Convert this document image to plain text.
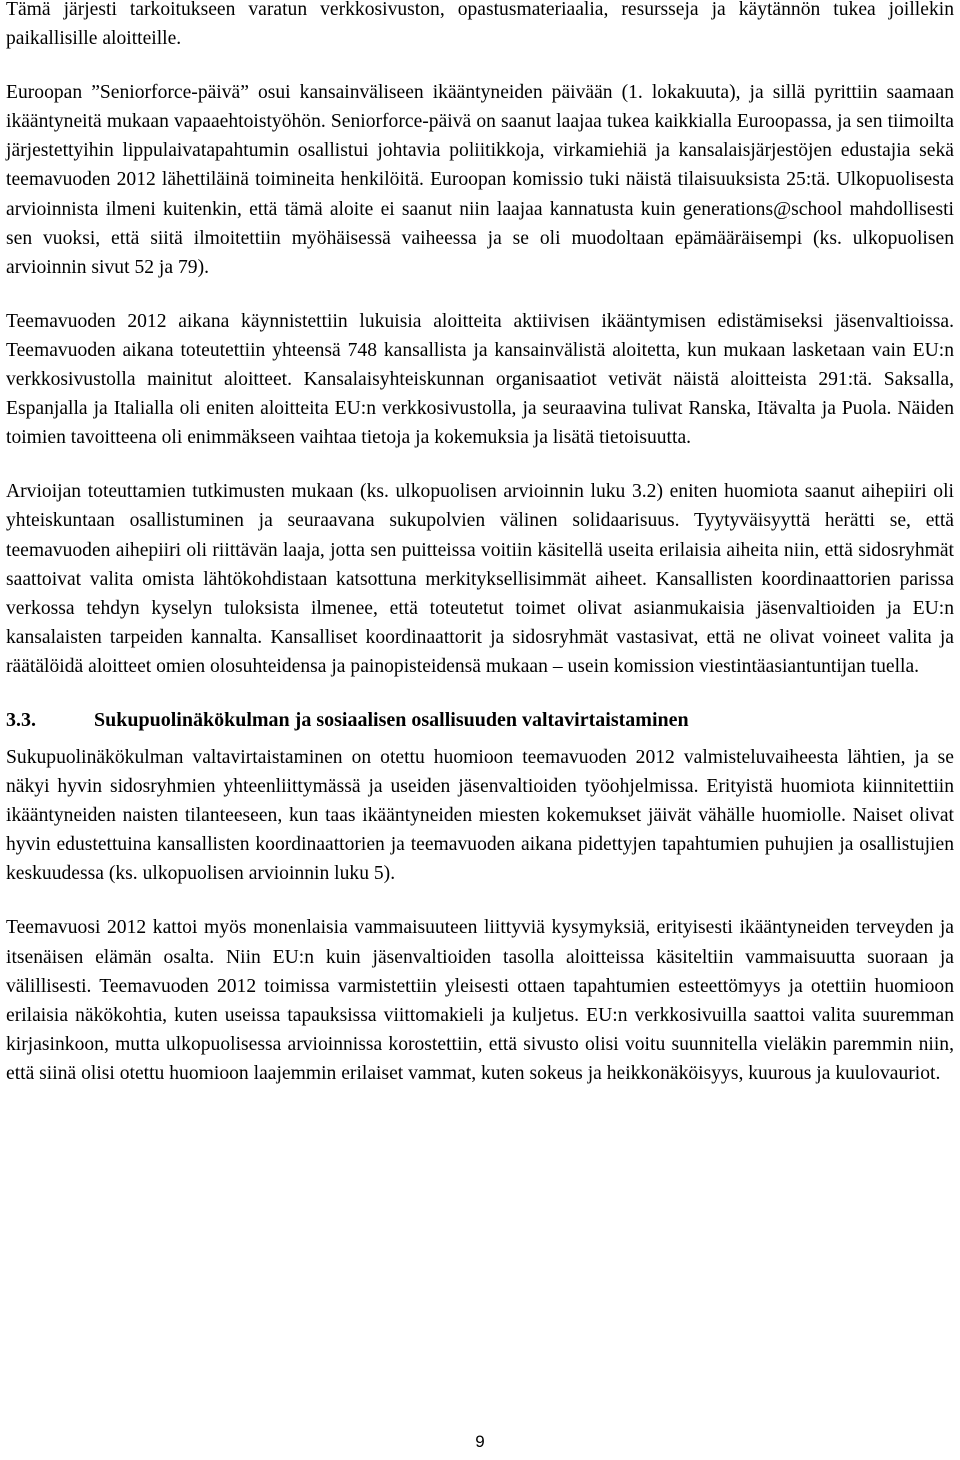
Tämä järjesti tarkoitukseen varatun verkkosivuston, opastusmateriaalia, resursseja ja käytännön tukea joillekin paikallisille aloitteille.

Euroopan ”Seniorforce-päivä” osui kansainväliseen ikääntyneiden päivään (1. lokakuuta), ja sillä pyrittiin saamaan ikääntyneitä mukaan vapaaehtoistyöhön. Seniorforce-päivä on saanut laajaa tukea kaikkialla Euroopassa, ja sen tiimoilta järjestettyihin lippulaivatapahtumin osallistui johtavia poliitikkoja, virkamiehiä ja kansalaisjärjestöjen edustajia sekä teemavuoden 2012 lähettiläinä toimineita henkilöitä. Euroopan komissio tuki näistä tilaisuuksista 25:tä. Ulkopuolisesta arvioinnista ilmeni kuitenkin, että tämä aloite ei saanut niin laajaa kannatusta kuin generations@school mahdollisesti sen vuoksi, että siitä ilmoitettiin myöhäisessä vaiheessa ja se oli muodoltaan epämääräisempi (ks. ulkopuolisen arvioinnin sivut 52 ja 79).

Teemavuoden 2012 aikana käynnistettiin lukuisia aloitteita aktiivisen ikääntymisen edistämiseksi jäsenvaltioissa. Teemavuoden aikana toteutettiin yhteensä 748 kansallista ja kansainvälistä aloitetta, kun mukaan lasketaan vain EU:n verkkosivustolla mainitut aloitteet. Kansalaisyhteiskunnan organisaatiot vetivät näistä aloitteista 291:tä. Saksalla, Espanjalla ja Italialla oli eniten aloitteita EU:n verkkosivustolla, ja seuraavina tulivat Ranska, Itävalta ja Puola. Näiden toimien tavoitteena oli enimmäkseen vaihtaa tietoja ja kokemuksia ja lisätä tietoisuutta.

Arvioijan toteuttamien tutkimusten mukaan (ks. ulkopuolisen arvioinnin luku 3.2) eniten huomiota saanut aihepiiri oli yhteiskuntaan osallistuminen ja seuraavana sukupolvien välinen solidaarisuus. Tyytyväisyyttä herätti se, että teemavuoden aihepiiri oli riittävän laaja, jotta sen puitteissa voitiin käsitellä useita erilaisia aiheita niin, että sidosryhmät saattoivat valita omista lähtökohdistaan katsottuna merkityksellisimmät aiheet. Kansallisten koordinaattorien parissa verkossa tehdyn kyselyn tuloksista ilmenee, että toteutetut toimet olivat asianmukaisia jäsenvaltioiden ja EU:n kansalaisten tarpeiden kannalta. Kansalliset koordinaattorit ja sidosryhmät vastasivat, että ne olivat voineet valita ja räätälöidä aloitteet omien olosuhteidensa ja painopisteidensä mukaan – usein komission viestintäasiantuntijan tuella.

3.3.	Sukupuolinäkökulman ja sosiaalisen osallisuuden valtavirtaistaminen

Sukupuolinäkökulman valtavirtaistaminen on otettu huomioon teemavuoden 2012 valmisteluvaiheesta lähtien, ja se näkyi hyvin sidosryhmien yhteenliittymässä ja useiden jäsenvaltioiden työohjelmissa. Erityistä huomiota kiinnitettiin ikääntyneiden naisten tilanteeseen, kun taas ikääntyneiden miesten kokemukset jäivät vähälle huomiolle. Naiset olivat hyvin edustettuina kansallisten koordinaattorien ja teemavuoden aikana pidettyjen tapahtumien puhujien ja osallistujien keskuudessa (ks. ulkopuolisen arvioinnin luku 5).

Teemavuosi 2012 kattoi myös monenlaisia vammaisuuteen liittyviä kysymyksiä, erityisesti ikääntyneiden terveyden ja itsenäisen elämän osalta. Niin EU:n kuin jäsenvaltioiden tasolla aloitteissa käsiteltiin vammaisuutta suoraan ja välillisesti. Teemavuoden 2012 toimissa varmistettiin yleisesti ottaen tapahtumien esteettömyys ja otettiin huomioon erilaisia näkökohtia, kuten useissa tapauksissa viittomakieli ja kuljetus. EU:n verkkosivuilla saattoi valita suuremman kirjasinkoon, mutta ulkopuolisessa arvioinnissa korostettiin, että sivusto olisi voitu suunnitella vieläkin paremmin niin, että siinä olisi otettu huomioon laajemmin erilaiset vammat, kuten sokeus ja heikkonäköisyys, kuurous ja kuulovauriot.

9
